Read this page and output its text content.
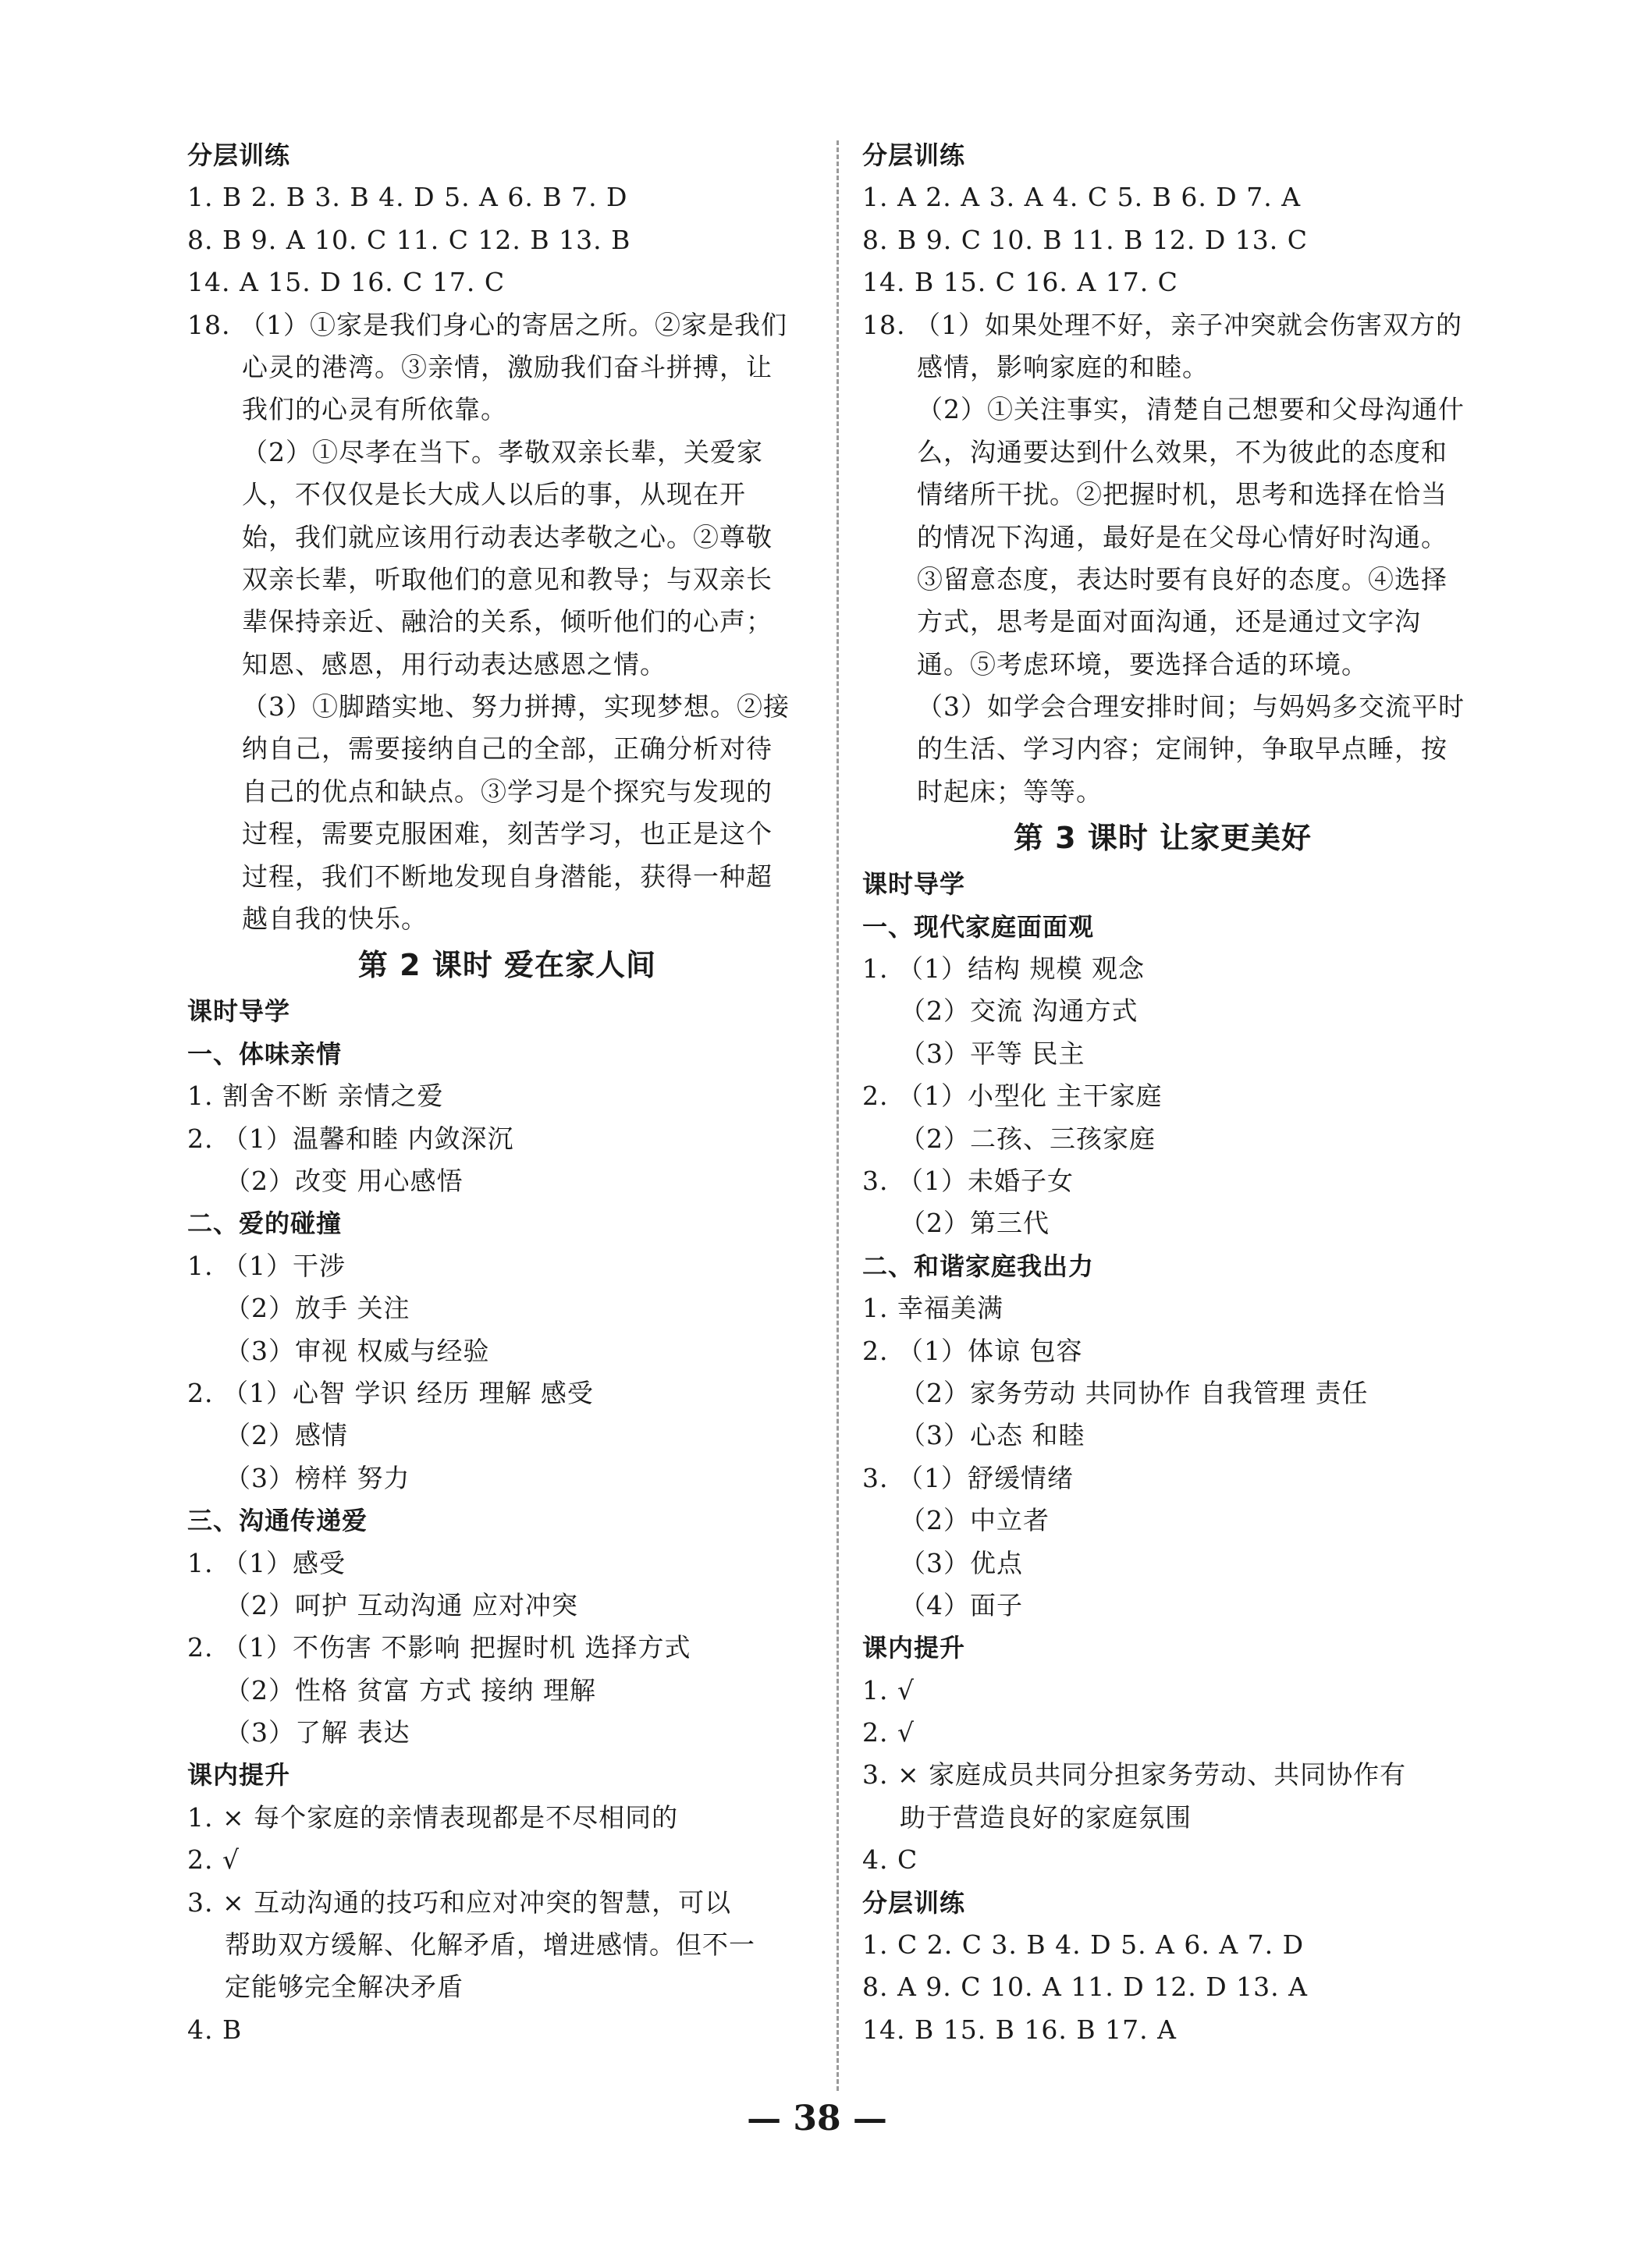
分层训练
1. B 2. B 3. B 4. D 5. A 6. B 7. D
8. B 9. A 10. C 11. C 12. B 13. B
14. A 15. D 16. C 17. C
18. （1）①家是我们身心的寄居之所。②家是我们
心灵的港湾。③亲情，激励我们奋斗拼搏，让
我们的心灵有所依靠。
（2）①尽孝在当下。孝敬双亲长辈，关爱家
人，不仅仅是长大成人以后的事，从现在开
始，我们就应该用行动表达孝敬之心。②尊敬
双亲长辈，听取他们的意见和教导；与双亲长
辈保持亲近、融洽的关系，倾听他们的心声；
知恩、感恩，用行动表达感恩之情。
（3）①脚踏实地、努力拼搏，实现梦想。②接
纳自己，需要接纳自己的全部，正确分析对待
自己的优点和缺点。③学习是个探究与发现的
过程，需要克服困难，刻苦学习，也正是这个
过程，我们不断地发现自身潜能，获得一种超
越自我的快乐。
第 2 课时 爱在家人间
课时导学
一、体味亲情
1. 割舍不断 亲情之爱
2. （1）温馨和睦 内敛深沉
（2）改变 用心感悟
二、爱的碰撞
1. （1）干涉
（2）放手 关注
（3）审视 权威与经验
2. （1）心智 学识 经历 理解 感受
（2）感情
（3）榜样 努力
三、沟通传递爱
1. （1）感受
（2）呵护 互动沟通 应对冲突
2. （1）不伤害 不影响 把握时机 选择方式
（2）性格 贫富 方式 接纳 理解
（3）了解 表达
课内提升
1. × 每个家庭的亲情表现都是不尽相同的
2. √
3. × 互动沟通的技巧和应对冲突的智慧，可以
帮助双方缓解、化解矛盾，增进感情。但不一
定能够完全解决矛盾
4. B
分层训练
1. A 2. A 3. A 4. C 5. B 6. D 7. A
8. B 9. C 10. B 11. B 12. D 13. C
14. B 15. C 16. A 17. C
18. （1）如果处理不好，亲子冲突就会伤害双方的
感情，影响家庭的和睦。
（2）①关注事实，清楚自己想要和父母沟通什
么，沟通要达到什么效果，不为彼此的态度和
情绪所干扰。②把握时机，思考和选择在恰当
的情况下沟通，最好是在父母心情好时沟通。
③留意态度，表达时要有良好的态度。④选择
方式，思考是面对面沟通，还是通过文字沟
通。⑤考虑环境，要选择合适的环境。
（3）如学会合理安排时间；与妈妈多交流平时
的生活、学习内容；定闹钟，争取早点睡，按
时起床；等等。
第 3 课时 让家更美好
课时导学
一、现代家庭面面观
1. （1）结构 规模 观念
（2）交流 沟通方式
（3）平等 民主
2. （1）小型化 主干家庭
（2）二孩、三孩家庭
3. （1）未婚子女
（2）第三代
二、和谐家庭我出力
1. 幸福美满
2. （1）体谅 包容
（2）家务劳动 共同协作 自我管理 责任
（3）心态 和睦
3. （1）舒缓情绪
（2）中立者
（3）优点
（4）面子
课内提升
1. √
2. √
3. × 家庭成员共同分担家务劳动、共同协作有
助于营造良好的家庭氛围
4. C
分层训练
1. C 2. C 3. B 4. D 5. A 6. A 7. D
8. A 9. C 10. A 11. D 12. D 13. A
14. B 15. B 16. B 17. A
— 38 —
